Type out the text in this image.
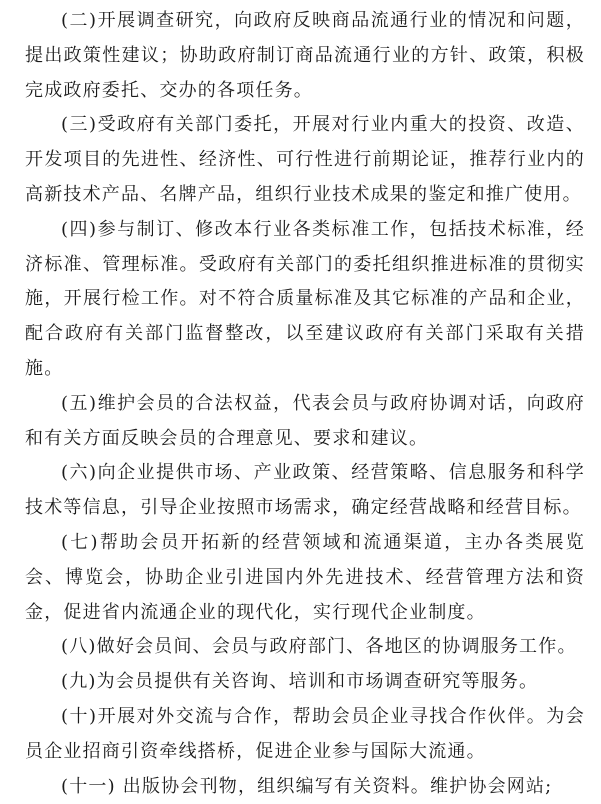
(二)开展调查研究，向政府反映商品流通行业的情况和问题，提出政策性建议；协助政府制订商品流通行业的方针、政策，积极完成政府委托、交办的各项任务。

(三)受政府有关部门委托，开展对行业内重大的投资、改造、开发项目的先进性、经济性、可行性进行前期论证，推荐行业内的高新技术产品、名牌产品，组织行业技术成果的鉴定和推广使用。

(四)参与制订、修改本行业各类标准工作，包括技术标准，经济标准、管理标准。受政府有关部门的委托组织推进标准的贯彻实施，开展行检工作。对不符合质量标准及其它标准的产品和企业，配合政府有关部门监督整改，以至建议政府有关部门采取有关措施。

(五)维护会员的合法权益，代表会员与政府协调对话，向政府和有关方面反映会员的合理意见、要求和建议。

(六)向企业提供市场、产业政策、经营策略、信息服务和科学技术等信息，引导企业按照市场需求，确定经营战略和经营目标。

(七)帮助会员开拓新的经营领域和流通渠道，主办各类展览会、博览会，协助企业引进国内外先进技术、经营管理方法和资金，促进省内流通企业的现代化，实行现代企业制度。

(八)做好会员间、会员与政府部门、各地区的协调服务工作。

(九)为会员提供有关咨询、培训和市场调查研究等服务。

(十)开展对外交流与合作，帮助会员企业寻找合作伙伴。为会员企业招商引资牵线搭桥，促进企业参与国际大流通。

(十一) 出版协会刊物，组织编写有关资料。维护协会网站;
